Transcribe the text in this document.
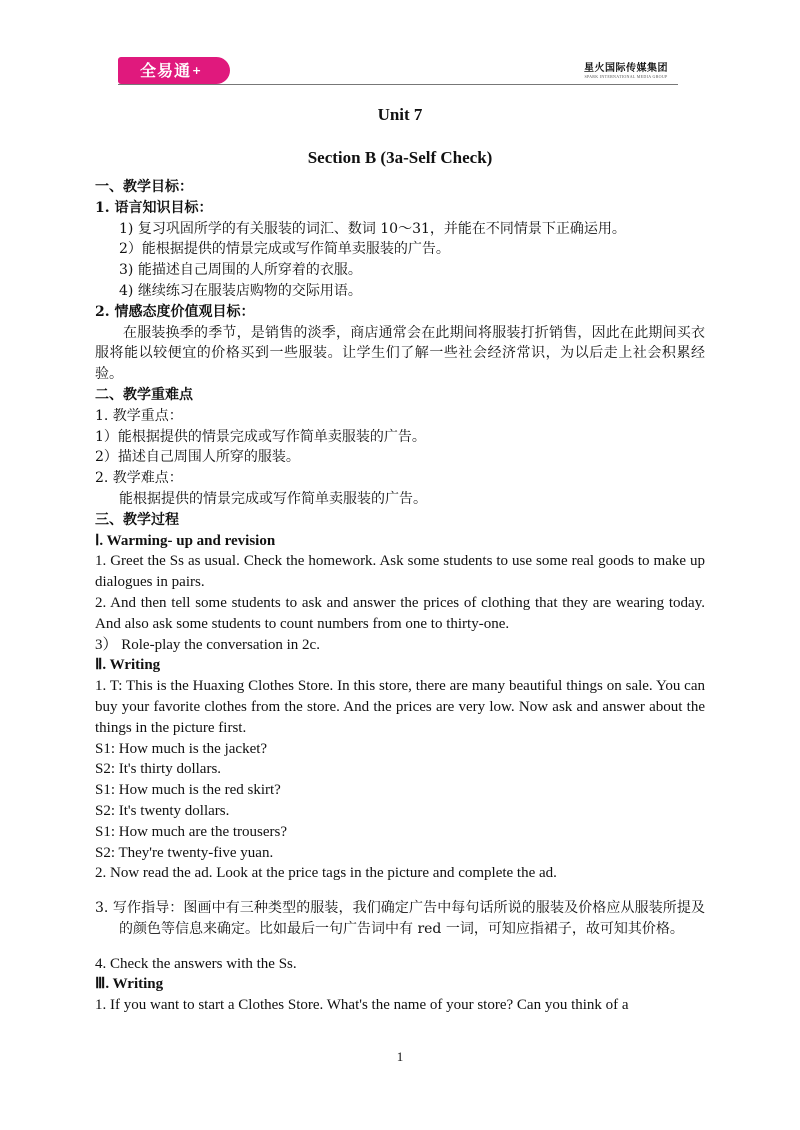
全易通+	星火国际传媒集团
SPARK INTERNATIONAL MEDIA GROUP
Unit 7
Section B (3a-Self Check)

一、教学目标：

1. 语言知识目标：

1) 复习巩固所学的有关服装的词汇、数词 10～31，并能在不同情景下正确运用。

2）能根据提供的情景完成或写作简单卖服装的广告。

3) 能描述自己周围的人所穿着的衣服。

4) 继续练习在服装店购物的交际用语。

2. 情感态度价值观目标：

在服装换季的季节，是销售的淡季，商店通常会在此期间将服装打折销售，因此在此期间买衣服将能以较便宜的价格买到一些服装。让学生们了解一些社会经济常识，为以后走上社会积累经验。

二、教学重难点

1. 教学重点：

1）能根据提供的情景完成或写作简单卖服装的广告。

2）描述自己周围人所穿的服装。

2. 教学难点：

能根据提供的情景完成或写作简单卖服装的广告。

三、教学过程

Ⅰ. Warming- up and revision

1. Greet the Ss as usual. Check the homework. Ask some students to use some real goods to make up dialogues in pairs.

2. And then tell some students to ask and answer the prices of clothing that they are wearing today. And also ask some students to count numbers from one to thirty-one.

3） Role-play the conversation in 2c.

Ⅱ. Writing

1. T: This is the Huaxing Clothes Store. In this store, there are many beautiful things on sale. You can buy your favorite clothes from the store. And the prices are very low. Now ask and answer about the things in the picture first.

S1: How much is the jacket?

S2: It's thirty dollars.

S1: How much is the red skirt?

S2: It's twenty dollars.

S1: How much are the trousers?

S2: They're twenty-five yuan.

2. Now read the ad. Look at the price tags in the picture and complete the ad.

3. 写作指导：图画中有三种类型的服装，我们确定广告中每句话所说的服装及价格应从服装所提及的颜色等信息来确定。比如最后一句广告词中有 red 一词，可知应指裙子，故可知其价格。

4. Check the answers with the Ss.

Ⅲ. Writing

1. If you want to start a Clothes Store. What's the name of your store? Can you think of a

1
